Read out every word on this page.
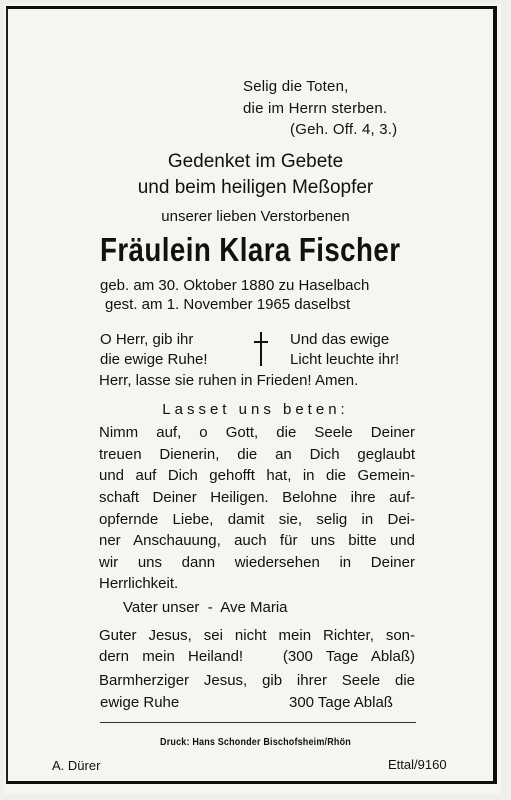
Selig die Toten,
die im Herrn sterben.
(Geh. Off. 4, 3.)
Gedenket im Gebete
und beim heiligen Meßopfer
unserer lieben Verstorbenen
Fräulein Klara Fischer
geb. am 30. Oktober 1880 zu Haselbach
gest. am 1. November 1965 daselbst
O Herr, gib ihr
die ewige Ruhe!
Und das ewige
Licht leuchte ihr!
Herr, lasse sie ruhen in Frieden! Amen.
Lasset uns beten:
Nimm auf, o Gott, die Seele Deiner
treuen Dienerin, die an Dich geglaubt
und auf Dich gehofft hat, in die Gemein-
schaft Deiner Heiligen. Belohne ihre auf-
opfernde Liebe, damit sie, selig in Dei-
ner Anschauung, auch für uns bitte und
wir uns dann wiedersehen in Deiner
Herrlichkeit.
Vater unser  -  Ave Maria
Guter Jesus, sei nicht mein Richter, son-
dern mein Heiland!   (300 Tage Ablaß)
Barmherziger Jesus, gib ihrer Seele die
ewige Ruhe	300 Tage Ablaß
Druck: Hans Schonder Bischofsheim/Rhön
A. Dürer	Ettal/9160
